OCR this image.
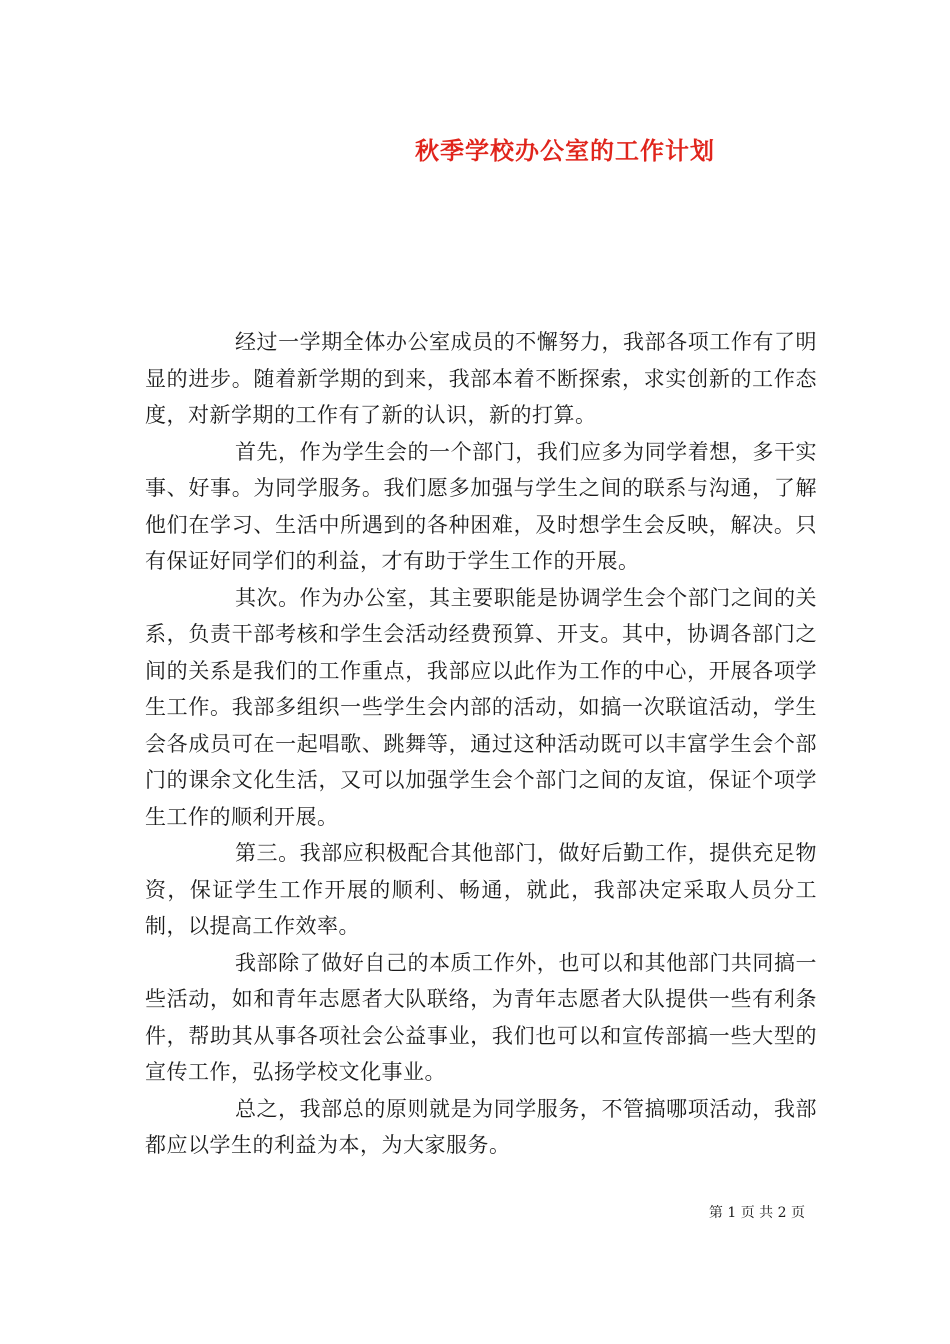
秋季学校办公室的工作计划

经过一学期全体办公室成员的不懈努力，我部各项工作有了明显的进步。随着新学期的到来，我部本着不断探索，求实创新的工作态度，对新学期的工作有了新的认识，新的打算。

首先，作为学生会的一个部门，我们应多为同学着想，多干实事、好事。为同学服务。我们愿多加强与学生之间的联系与沟通，了解他们在学习、生活中所遇到的各种困难，及时想学生会反映，解决。只有保证好同学们的利益，才有助于学生工作的开展。

其次。作为办公室，其主要职能是协调学生会个部门之间的关系，负责干部考核和学生会活动经费预算、开支。其中，协调各部门之间的关系是我们的工作重点，我部应以此作为工作的中心，开展各项学生工作。我部多组织一些学生会内部的活动，如搞一次联谊活动，学生会各成员可在一起唱歌、跳舞等，通过这种活动既可以丰富学生会个部门的课余文化生活，又可以加强学生会个部门之间的友谊，保证个项学生工作的顺利开展。

第三。我部应积极配合其他部门，做好后勤工作，提供充足物资，保证学生工作开展的顺利、畅通，就此，我部决定采取人员分工制，以提高工作效率。

我部除了做好自己的本质工作外，也可以和其他部门共同搞一些活动，如和青年志愿者大队联络，为青年志愿者大队提供一些有利条件，帮助其从事各项社会公益事业，我们也可以和宣传部搞一些大型的宣传工作，弘扬学校文化事业。

总之，我部总的原则就是为同学服务，不管搞哪项活动，我部都应以学生的利益为本，为大家服务。

第 1 页 共 2 页
